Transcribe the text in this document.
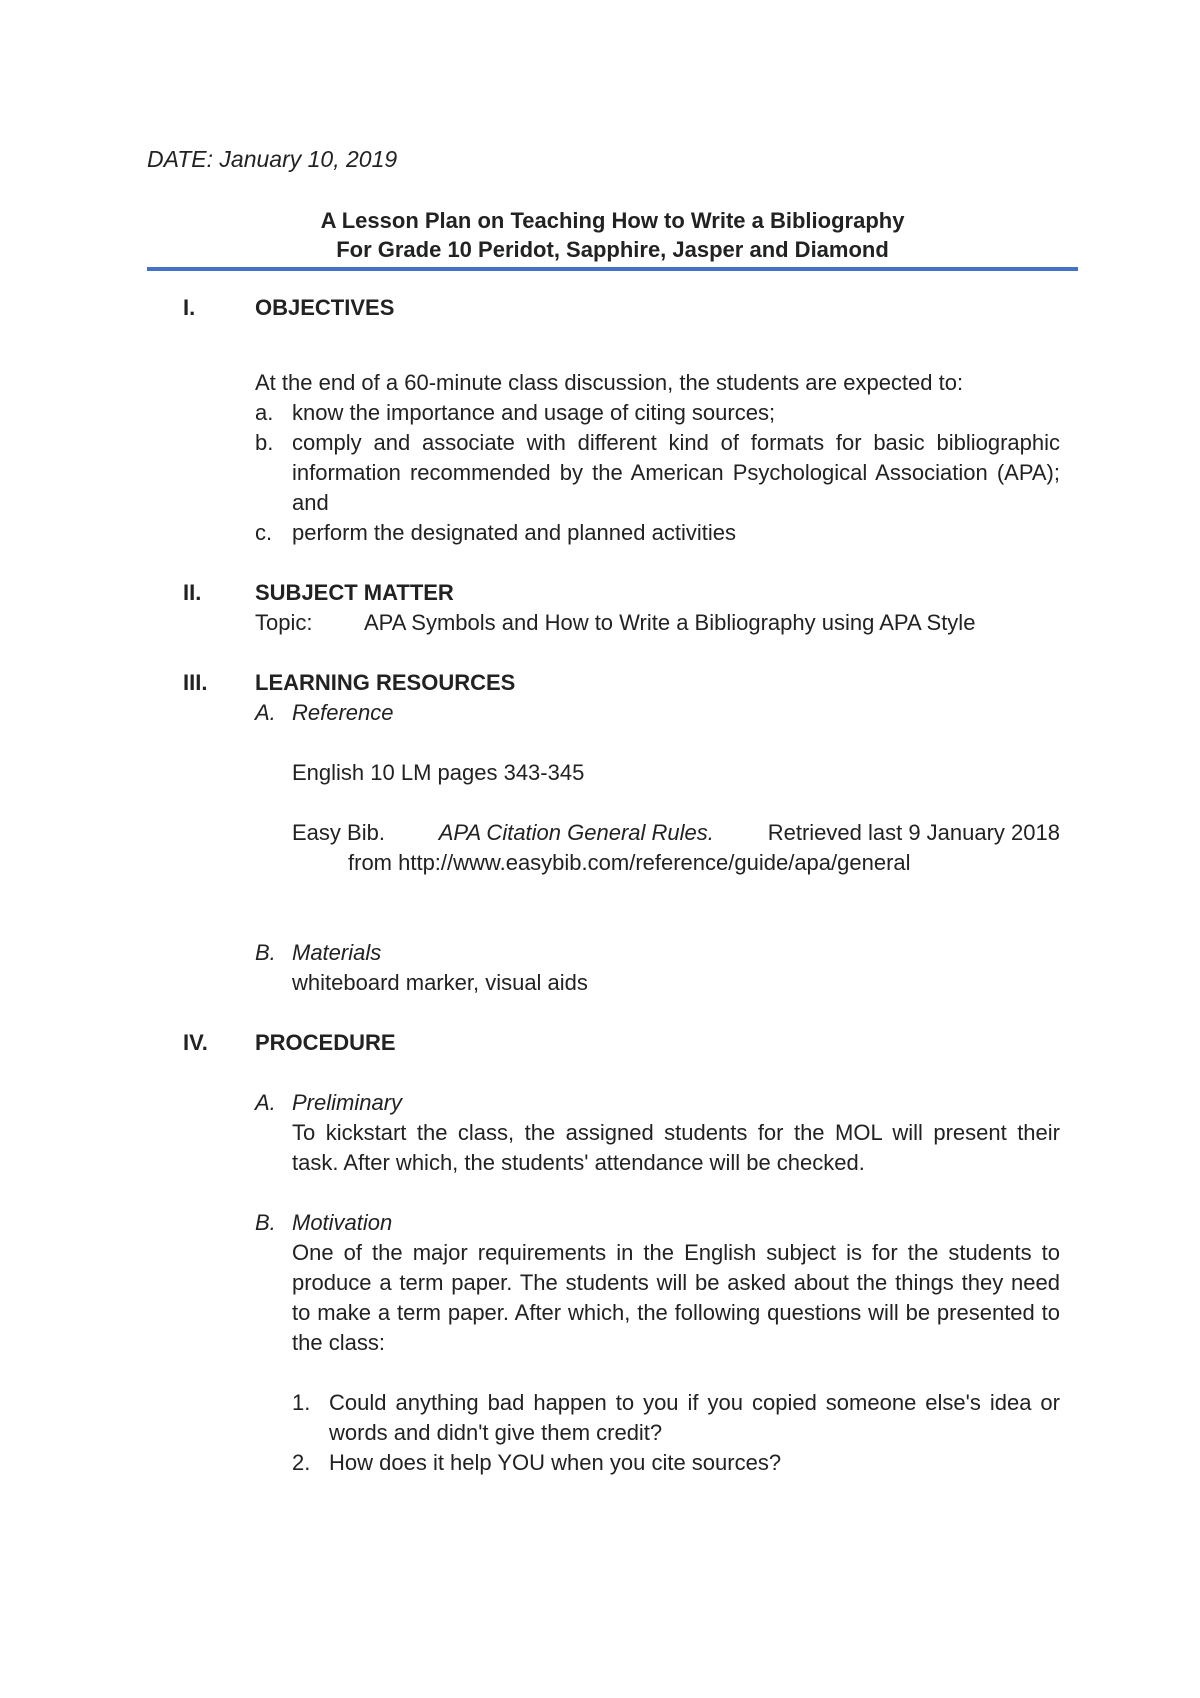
DATE: January 10, 2019
A Lesson Plan on Teaching How to Write a Bibliography
For Grade 10 Peridot, Sapphire, Jasper and Diamond
I.	OBJECTIVES
At the end of a 60-minute class discussion, the students are expected to:
a. know the importance and usage of citing sources;
b. comply and associate with different kind of formats for basic bibliographic information recommended by the American Psychological Association (APA); and
c. perform the designated and planned activities
II. SUBJECT MATTER
Topic: APA Symbols and How to Write a Bibliography using APA Style
III. LEARNING RESOURCES
A. Reference
English 10 LM pages 343-345
Easy Bib. APA Citation General Rules. Retrieved last 9 January 2018
from http://www.easybib.com/reference/guide/apa/general
B. Materials
whiteboard marker, visual aids
IV. PROCEDURE
A. Preliminary
To kickstart the class, the assigned students for the MOL will present their task. After which, the students' attendance will be checked.
B. Motivation
One of the major requirements in the English subject is for the students to produce a term paper. The students will be asked about the things they need to make a term paper. After which, the following questions will be presented to the class:
1. Could anything bad happen to you if you copied someone else's idea or words and didn't give them credit?
2. How does it help YOU when you cite sources?
